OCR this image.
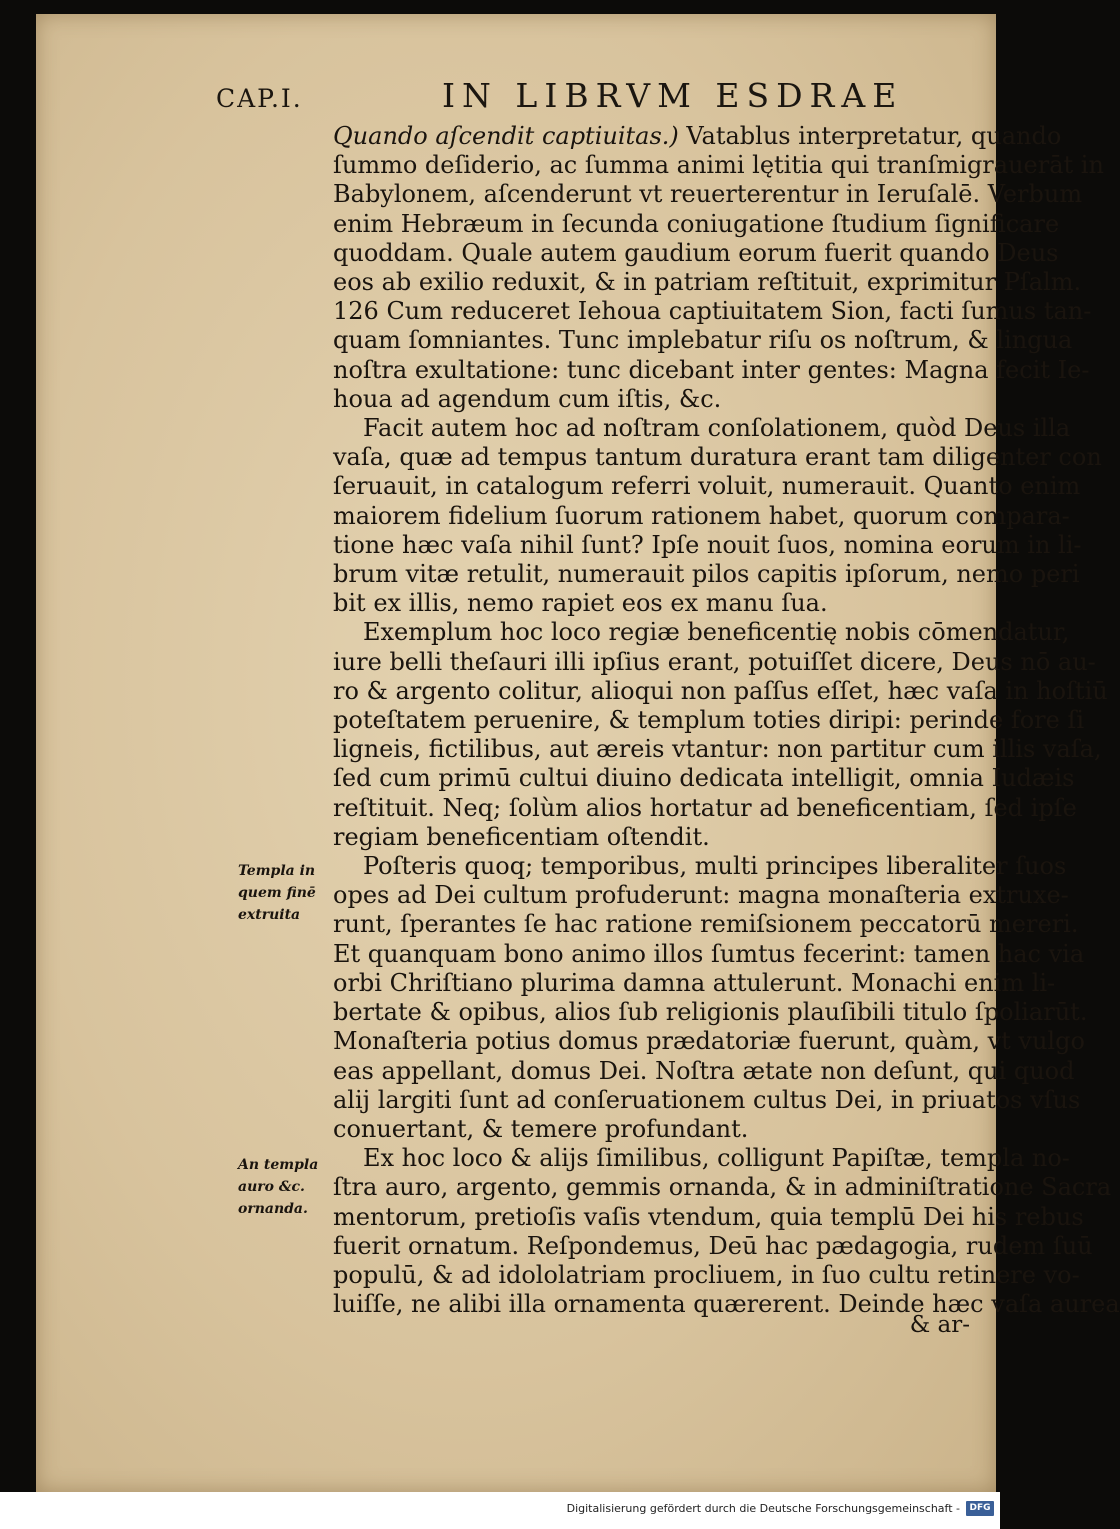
CAP.I.	IN LIBRVM ESDRAE
Templa in quem finē extruita
An templa auro &c. ornanda.

Quando aſcendit captiuitas.) Vatablus interpretatur, quando
ſummo deſiderio, ac ſumma animi lętitia qui tranſmigrauerāt in
Babylonem, aſcenderunt vt reuerterentur in Ieruſalē. Verbum
enim Hebræum in ſecunda coniugatione ſtudium ſignificare
quoddam. Quale autem gaudium eorum fuerit quando Deus
eos ab exilio reduxit, & in patriam reſtituit, exprimitur Pſalm.
126 Cum reduceret Iehoua captiuitatem Sion, facti ſumus tan-
quam ſomniantes. Tunc implebatur riſu os noſtrum, & lingua
noſtra exultatione: tunc dicebant inter gentes: Magna fecit Ie-
houa ad agendum cum iſtis, &c.

Facit autem hoc ad noſtram conſolationem, quòd Deus illa
vaſa, quæ ad tempus tantum duratura erant tam diligenter con
ſeruauit, in catalogum referri voluit, numerauit. Quanto enim
maiorem fidelium ſuorum rationem habet, quorum compara-
tione hæc vaſa nihil ſunt? Ipſe nouit ſuos, nomina eorum in li-
brum vitæ retulit, numerauit pilos capitis ipſorum, nemo peri
bit ex illis, nemo rapiet eos ex manu ſua.

Exemplum hoc loco regiæ beneficentię nobis cōmendatur,
iure belli theſauri illi ipſius erant, potuiſſet dicere, Deus nō au-
ro & argento colitur, alioqui non paſſus eſſet, hæc vaſa in hoſtiū
poteſtatem peruenire, & templum toties diripi: perinde fore ſi
ligneis, fictilibus, aut æreis vtantur: non partitur cum illis vaſa,
ſed cum primū cultui diuino dedicata intelligit, omnia Iudæis
reſtituit. Neq; ſolùm alios hortatur ad beneficentiam, ſed ipſe
regiam beneficentiam oſtendit.

Poſteris quoq; temporibus, multi principes liberaliter ſuos
opes ad Dei cultum profuderunt: magna monaſteria extruxe-
runt, ſperantes ſe hac ratione remiſsionem peccatorū mereri.
Et quanquam bono animo illos ſumtus fecerint: tamen hac via
orbi Chriſtiano plurima damna attulerunt. Monachi enim li-
bertate & opibus, alios ſub religionis plauſibili titulo ſpoliarūt.
Monaſteria potius domus prædatoriæ fuerunt, quàm, vt vulgo
eas appellant, domus Dei. Noſtra ætate non deſunt, qui quod
alij largiti ſunt ad conſeruationem cultus Dei, in priuatos vſus
conuertant, & temere profundant.

Ex hoc loco & alijs ſimilibus, colligunt Papiſtæ, templa no-
ſtra auro, argento, gemmis ornanda, & in adminiſtratione Sacra
mentorum, pretioſis vaſis vtendum, quia templū Dei his rebus
fuerit ornatum. Reſpondemus, Deū hac pædagogia, rudem ſuū
populū, & ad idololatriam procliuem, in ſuo cultu retinere vo-
luiſſe, ne alibi illa ornamenta quærerent. Deinde hæc vaſa aurea

& ar-
Digitalisierung gefördert durch die Deutsche Forschungsgemeinschaft -	DFG
